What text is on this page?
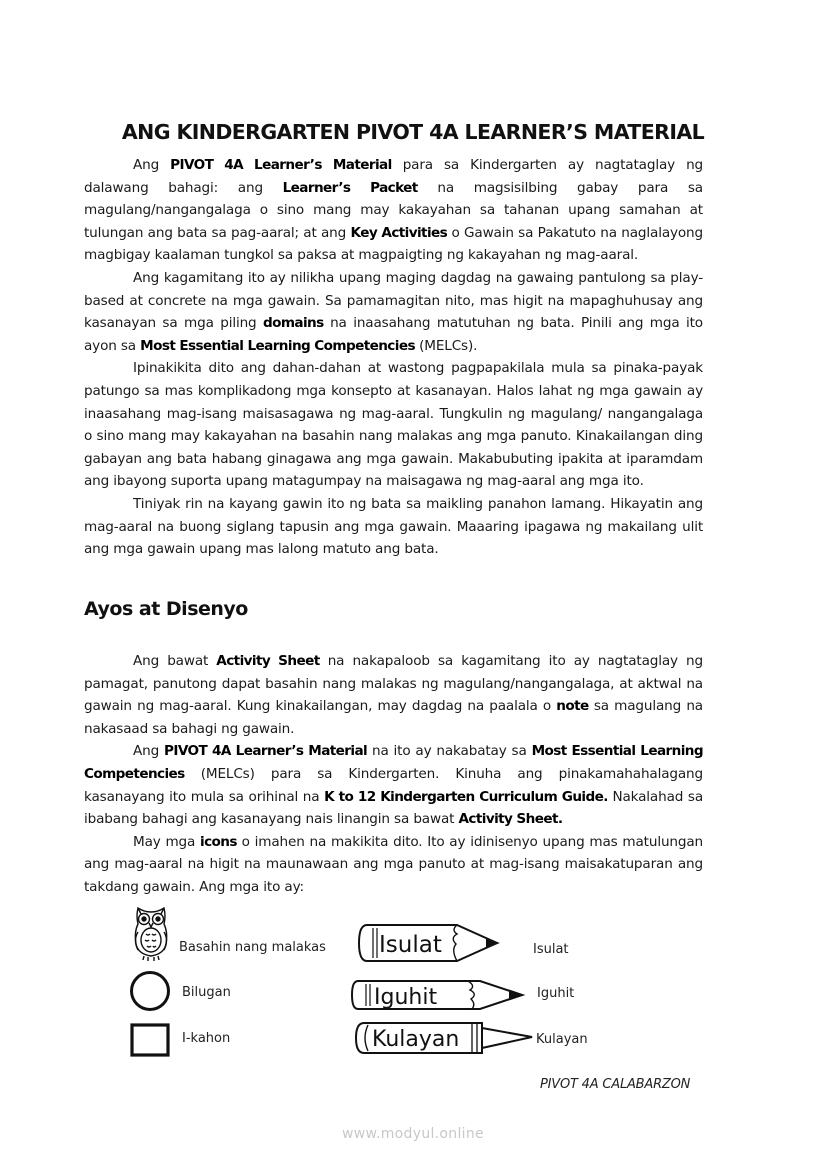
ANG KINDERGARTEN PIVOT 4A LEARNER’S MATERIAL

Ang PIVOT 4A Learner’s Material para sa Kindergarten ay nagtataglay ng dalawang bahagi: ang Learner’s Packet na magsisilbing gabay para sa magulang/nangangalaga o sino mang may kakayahan sa tahanan upang samahan at tulungan ang bata sa pag-aaral; at ang Key Activities o Gawain sa Pakatuto na naglalayong magbigay kaalaman tungkol sa paksa at magpaigting ng kakayahan ng mag-aaral.

Ang kagamitang ito ay nilikha upang maging dagdag na gawaing pantulong sa play-based at concrete na mga gawain. Sa pamamagitan nito, mas higit na mapaghuhusay ang kasanayan sa mga piling domains na inaasahang matutuhan ng bata. Pinili ang mga ito ayon sa Most Essential Learning Competencies (MELCs).

Ipinakikita dito ang dahan-dahan at wastong pagpapakilala mula sa pinaka-payak patungo sa mas komplikadong mga konsepto at kasanayan. Halos lahat ng mga gawain ay inaasahang mag-isang maisasagawa ng mag-aaral. Tungkulin ng magulang/ nangangalaga o sino mang may kakayahan na basahin nang malakas ang mga panuto. Kinakailangan ding gabayan ang bata habang ginagawa ang mga gawain. Makabubuting ipakita at iparamdam ang ibayong suporta upang matagumpay na maisagawa ng mag-aaral ang mga ito.

Tiniyak rin na kayang gawin ito ng bata sa maikling panahon lamang. Hikayatin ang mag-aaral na buong siglang tapusin ang mga gawain. Maaaring ipagawa ng makailang ulit ang mga gawain upang mas lalong matuto ang bata.

Ayos at Disenyo

Ang bawat Activity Sheet na nakapaloob sa kagamitang ito ay nagtataglay ng pamagat, panutong dapat basahin nang malakas ng magulang/nangangalaga, at aktwal na gawain ng mag-aaral. Kung kinakailangan, may dagdag na paalala o note sa magulang na nakasaad sa bahagi ng gawain.

Ang PIVOT 4A Learner’s Material na ito ay nakabatay sa Most Essential Learning Competencies (MELCs) para sa Kindergarten. Kinuha ang pinakamahahalagang kasanayang ito mula sa orihinal na K to 12 Kindergarten Curriculum Guide. Nakalahad sa ibabang bahagi ang kasanayang nais linangin sa bawat Activity Sheet.

May mga icons o imahen na makikita dito. Ito ay idinisenyo upang mas matulungan ang mag-aaral na higit na maunawaan ang mga panuto at mag-isang maisakatuparan ang takdang gawain. Ang mga ito ay:

Basahin nang malakas
Bilugan
I-kahon
Isulat	Isulat
Iguhit	Iguhit
Kulayan	Kulayan
PIVOT 4A CALABARZON
www.modyul.online
